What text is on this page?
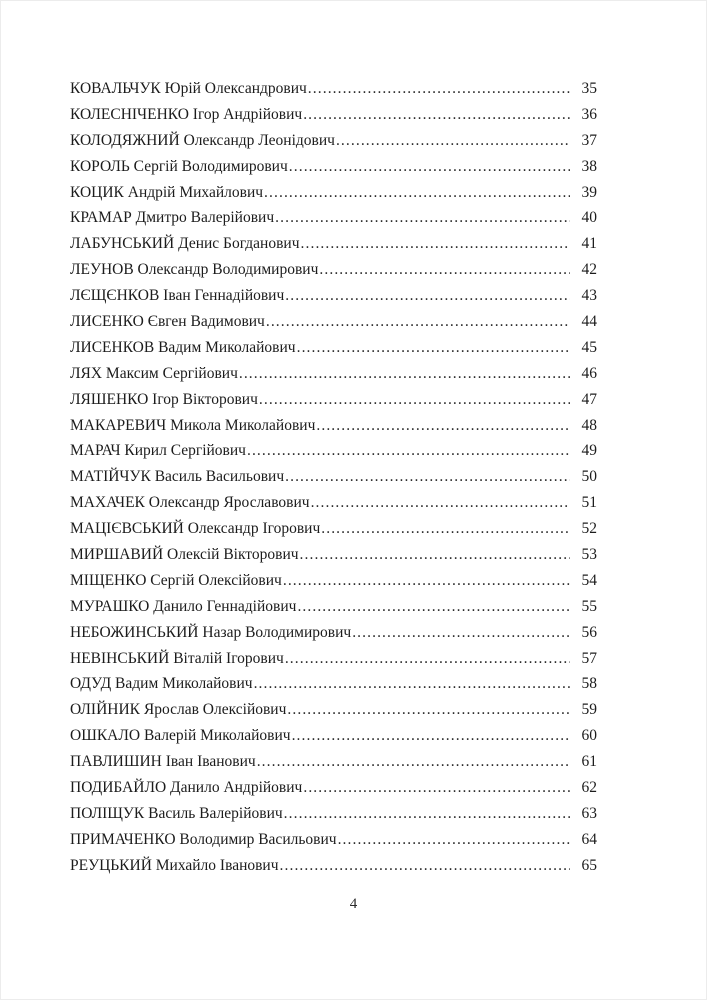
КОВАЛЬЧУК Юрій Олександрович .....	35
КОЛЕСНІЧЕНКО Ігор Андрійович .....	36
КОЛОДЯЖНИЙ Олександр Леонідович .....	37
КОРОЛЬ Сергій Володимирович .....	38
КОЦИК Андрій Михайлович .....	39
КРАМАР Дмитро Валерійович .....	40
ЛАБУНСЬКИЙ Денис Богданович .....	41
ЛЕУНОВ Олександр Володимирович .....	42
ЛЄЩЄНКОВ Іван Геннадійович .....	43
ЛИСЕНКО Євген Вадимович .....	44
ЛИСЕНКОВ Вадим Миколайович .....	45
ЛЯХ Максим Сергійович .....	46
ЛЯШЕНКО Ігор Вікторович .....	47
МАКАРЕВИЧ Микола Миколайович .....	48
МАРАЧ Кирил Сергійович .....	49
МАТІЙЧУК Василь Васильович .....	50
МАХАЧЕК Олександр Ярославович .....	51
МАЦІЄВСЬКИЙ Олександр Ігорович .....	52
МИРШАВИЙ Олексій Вікторович .....	53
МІЩЕНКО Сергій Олексійович .....	54
МУРАШКО Данило Геннадійович .....	55
НЕБОЖИНСЬКИЙ Назар Володимирович .....	56
НЕВІНСЬКИЙ Віталій Ігорович .....	57
ОДУД Вадим Миколайович .....	58
ОЛІЙНИК Ярослав Олексійович .....	59
ОШКАЛО Валерій Миколайович .....	60
ПАВЛИШИН Іван Іванович .....	61
ПОДИБАЙЛО Данило Андрійович .....	62
ПОЛІЩУК Василь Валерійович .....	63
ПРИМАЧЕНКО Володимир Васильович .....	64
РЕУЦЬКИЙ Михайло Іванович .....	65
4
